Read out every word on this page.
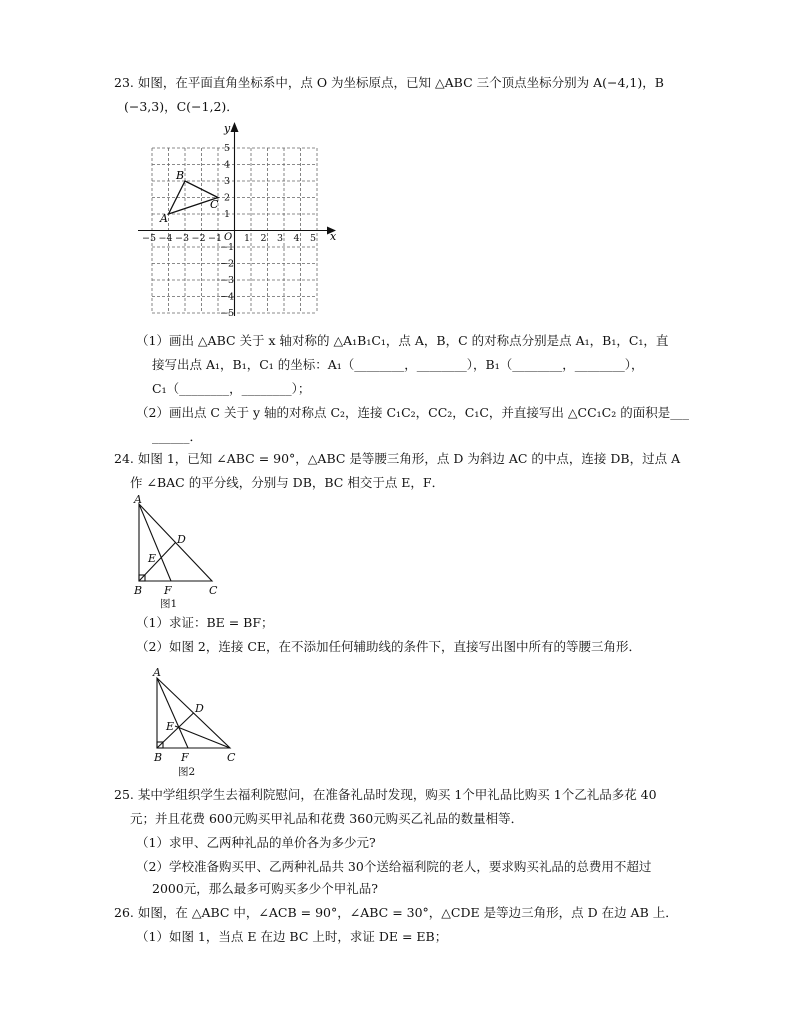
23. 如图，在平面直角坐标系中，点 O 为坐标原点，已知 △ABC 三个顶点坐标分别为 A(−4,1)，B
(−3,3)，C(−1,2)．
y
x
O
−5 −4 −3 −2 −1 1 2 3 4 5
5
4
3
2
1
−1
−2
−3
−4
−5
A
B
C
（1）画出 △ABC 关于 x 轴对称的 △A₁B₁C₁，点 A，B，C 的对称点分别是点 A₁，B₁，C₁，直
接写出点 A₁，B₁，C₁ 的坐标：A₁（________，________），B₁（________，________），
C₁（________，________）；
（2）画出点 C 关于 y 轴的对称点 C₂，连接 C₁C₂，CC₂，C₁C，并直接写出 △CC₁C₂ 的面积是___
______．
24. 如图 1，已知 ∠ABC = 90°，△ABC 是等腰三角形，点 D 为斜边 AC 的中点，连接 DB，过点 A
作 ∠BAC 的平分线，分别与 DB，BC 相交于点 E，F．
A
B	C
D
E
F
图1
（1）求证：BE = BF；
（2）如图 2，连接 CE，在不添加任何辅助线的条件下，直接写出图中所有的等腰三角形．
A
B	C
D
E
F
图2
25. 某中学组织学生去福利院慰问，在准备礼品时发现，购买 1个甲礼品比购买 1个乙礼品多花 40
元；并且花费 600元购买甲礼品和花费 360元购买乙礼品的数量相等．
（1）求甲、乙两种礼品的单价各为多少元?
（2）学校准备购买甲、乙两种礼品共 30个送给福利院的老人，要求购买礼品的总费用不超过
2000元，那么最多可购买多少个甲礼品?
26. 如图，在 △ABC 中，∠ACB = 90°，∠ABC = 30°，△CDE 是等边三角形，点 D 在边 AB 上．
（1）如图 1，当点 E 在边 BC 上时，求证 DE = EB；
